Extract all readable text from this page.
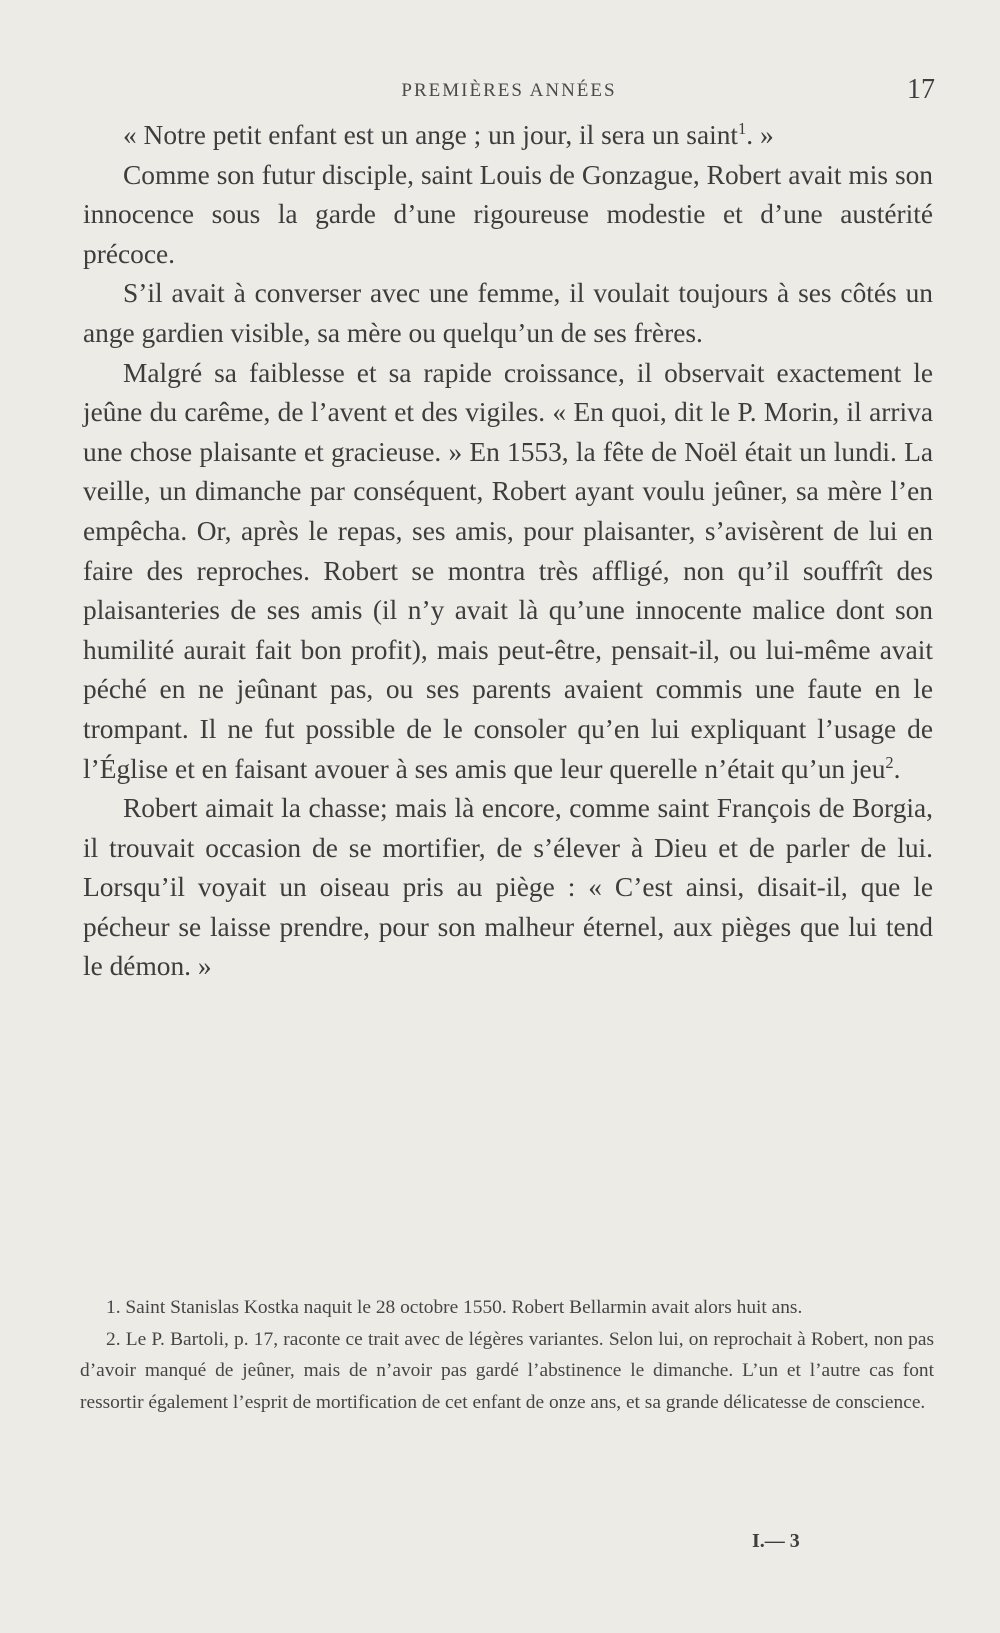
PREMIÈRES ANNÉES	17

« Notre petit enfant est un ange ; un jour, il sera un saint$^1$. »

Comme son futur disciple, saint Louis de Gonzague, Robert avait mis son innocence sous la garde d’une rigoureuse modestie et d’une austérité précoce.

S’il avait à converser avec une femme, il voulait toujours à ses côtés un ange gardien visible, sa mère ou quelqu’un de ses frères.

Malgré sa faiblesse et sa rapide croissance, il observait exactement le jeûne du carême, de l’avent et des vigiles. « En quoi, dit le P. Morin, il arriva une chose plaisante et gracieuse. » En 1553, la fête de Noël était un lundi. La veille, un dimanche par conséquent, Robert ayant voulu jeûner, sa mère l’en empêcha. Or, après le repas, ses amis, pour plaisanter, s’avisèrent de lui en faire des reproches. Robert se montra très affligé, non qu’il souffrît des plaisanteries de ses amis (il n’y avait là qu’une innocente malice dont son humilité aurait fait bon profit), mais peut-être, pensait-il, ou lui-même avait péché en ne jeûnant pas, ou ses parents avaient commis une faute en le trompant. Il ne fut possible de le consoler qu’en lui expliquant l’usage de l’Église et en faisant avouer à ses amis que leur querelle n’était qu’un jeu$^2$.

Robert aimait la chasse; mais là encore, comme saint François de Borgia, il trouvait occasion de se mortifier, de s’élever à Dieu et de parler de lui. Lorsqu’il voyait un oiseau pris au piège : « C’est ainsi, disait-il, que le pécheur se laisse prendre, pour son malheur éternel, aux pièges que lui tend le démon. »

1. Saint Stanislas Kostka naquit le 28 octobre 1550. Robert Bellarmin avait alors huit ans.

2. Le P. Bartoli, p. 17, raconte ce trait avec de légères variantes. Selon lui, on reprochait à Robert, non pas d’avoir manqué de jeûner, mais de n’avoir pas gardé l’abstinence le dimanche. L’un et l’autre cas font ressortir également l’esprit de mortification de cet enfant de onze ans, et sa grande délicatesse de conscience.

I.— 3
